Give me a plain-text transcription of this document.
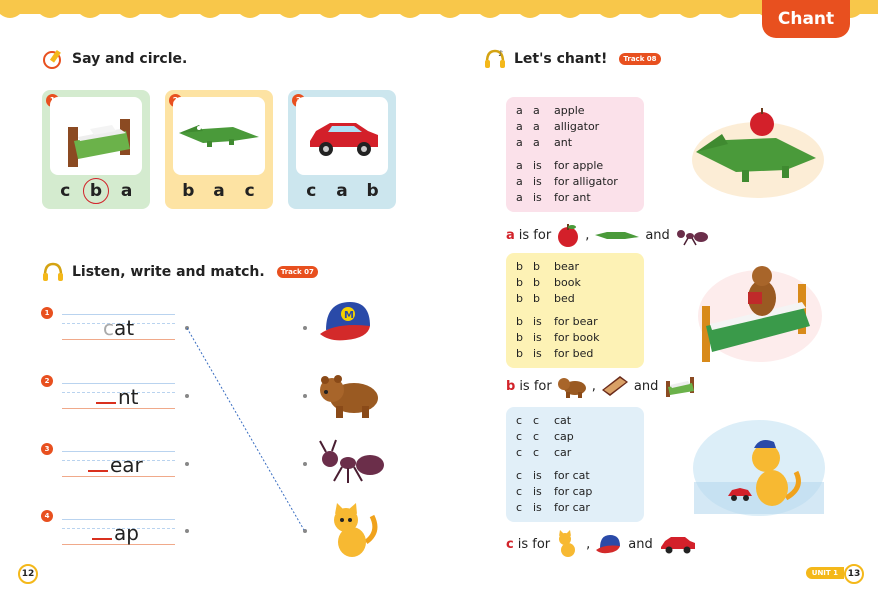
Chant
Say and circle.
c	b	a	b	a	c	c	a	b
Listen, write and match.	Track 07
1
cat
2
nt
3
ear
4
ap
M
12
♪ Let's chant!	Track 08
a a	apple
a a	alligator
a a	ant
a is	for apple
a is	for alligator
a is	for ant
a is for	,	and
b b	bear
b b	book
b b	bed
b is	for bear
b is	for book
b is	for bed
b is for	,	and
c c	cat
c c	cap
c c	car
c is	for cat
c is	for cap
c is	for car
c is for	,	and
UNIT 1	13
